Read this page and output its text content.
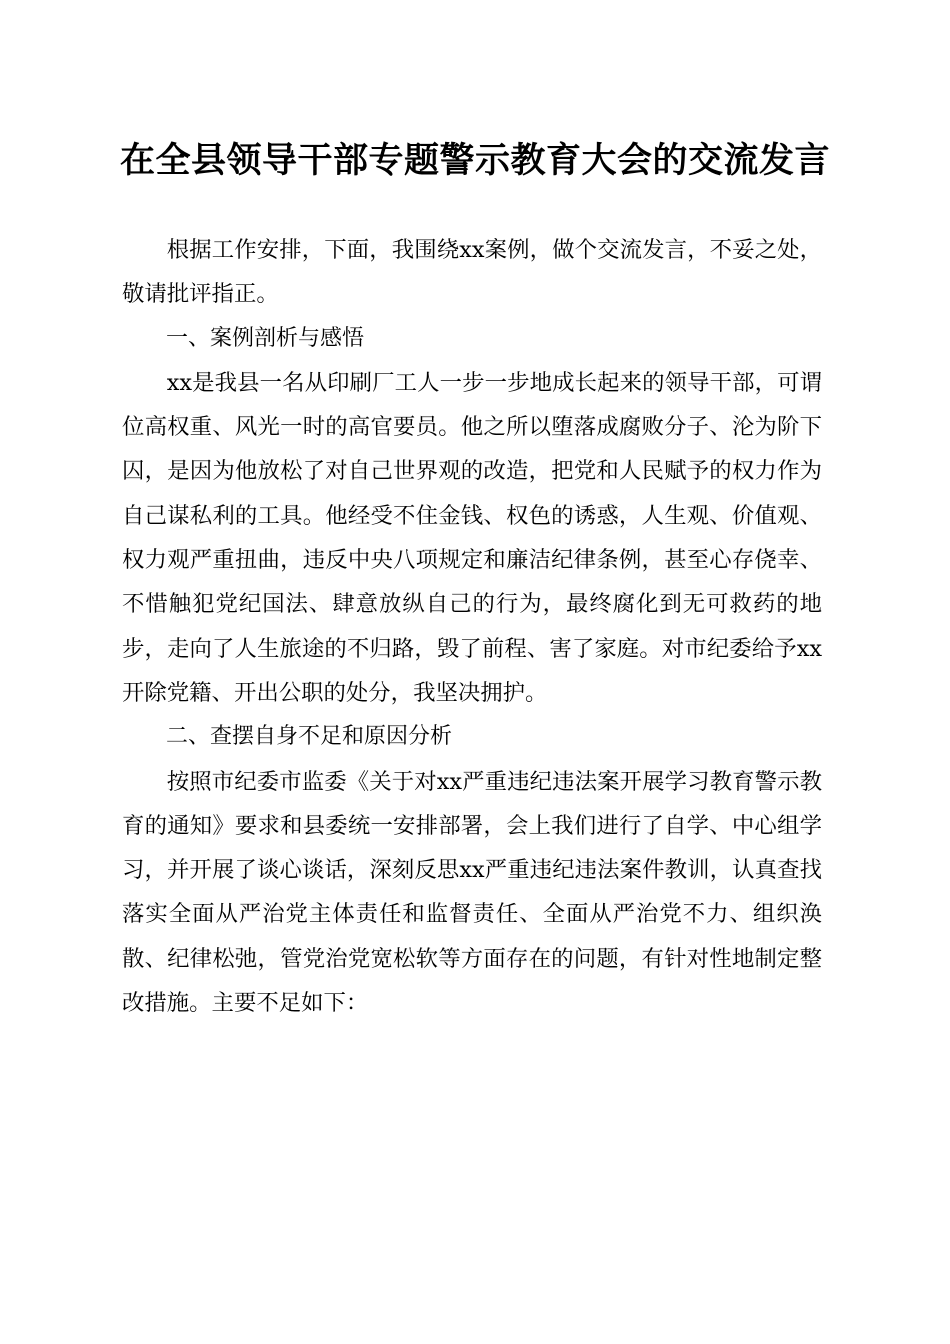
在全县领导干部专题警示教育大会的交流发言

根据工作安排，下面，我围绕xx案例，做个交流发言，不妥之处，敬请批评指正。

一、案例剖析与感悟

xx是我县一名从印刷厂工人一步一步地成长起来的领导干部，可谓位高权重、风光一时的高官要员。他之所以堕落成腐败分子、沦为阶下囚，是因为他放松了对自己世界观的改造，把党和人民赋予的权力作为自己谋私利的工具。他经受不住金钱、权色的诱惑，人生观、价值观、权力观严重扭曲，违反中央八项规定和廉洁纪律条例，甚至心存侥幸、不惜触犯党纪国法、肆意放纵自己的行为，最终腐化到无可救药的地步，走向了人生旅途的不归路，毁了前程、害了家庭。对市纪委给予xx开除党籍、开出公职的处分，我坚决拥护。

二、查摆自身不足和原因分析

按照市纪委市监委《关于对xx严重违纪违法案开展学习教育警示教育的通知》要求和县委统一安排部署，会上我们进行了自学、中心组学习，并开展了谈心谈话，深刻反思xx严重违纪违法案件教训，认真查找落实全面从严治党主体责任和监督责任、全面从严治党不力、组织涣散、纪律松弛，管党治党宽松软等方面存在的问题，有针对性地制定整改措施。主要不足如下：
